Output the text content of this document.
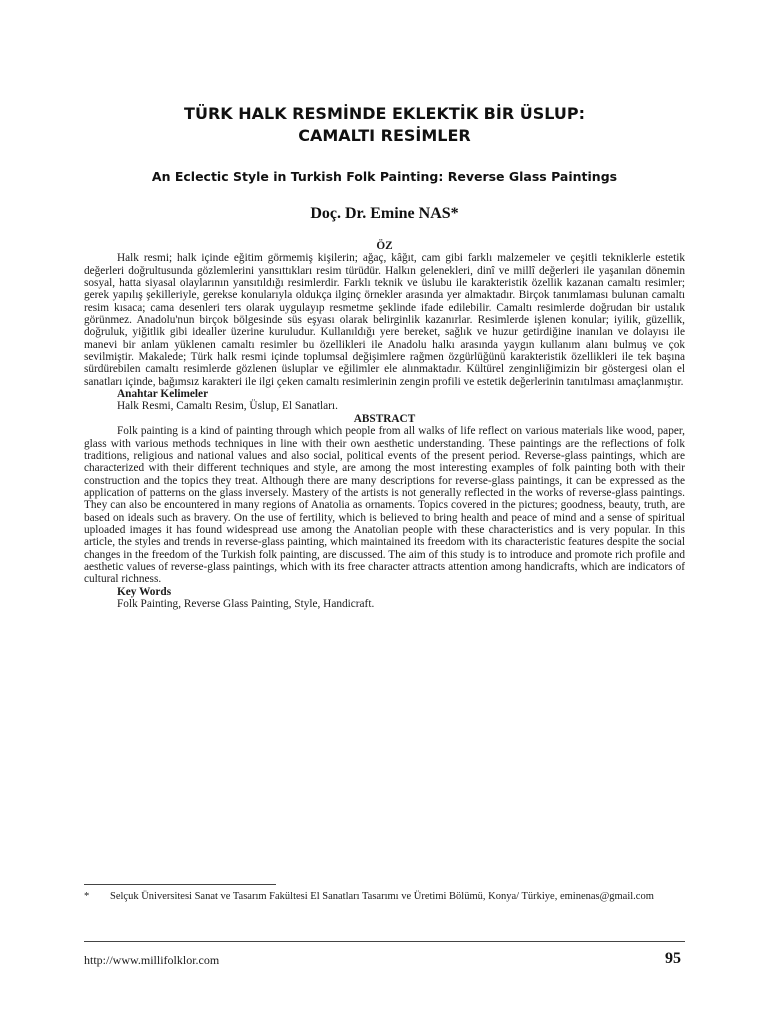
TÜRK HALK RESMİNDE EKLEKTİK BİR ÜSLUP:
CAMALTI RESİMLER
An Eclectic Style in Turkish Folk Painting: Reverse Glass Paintings
Doç. Dr. Emine NAS*
ÖZ

Halk resmi; halk içinde eğitim görmemiş kişilerin; ağaç, kâğıt, cam gibi farklı malzemeler ve çeşitli tekniklerle estetik değerleri doğrultusunda gözlemlerini yansıttıkları resim türüdür. Halkın gelenekleri, dinî ve millî değerleri ile yaşanılan dönemin sosyal, hatta siyasal olaylarının yansıtıldığı resimlerdir. Farklı teknik ve üslubu ile karakteristik özellik kazanan camaltı resimler; gerek yapılış şekilleriyle, gerekse konularıyla oldukça ilginç örnekler arasında yer almaktadır. Birçok tanımlaması bulunan camaltı resim kısaca; cama desenleri ters olarak uygulayıp resmetme şeklinde ifade edilebilir. Camaltı resimlerde doğrudan bir ustalık görünmez. Anadolu'nun birçok bölgesinde süs eşyası olarak belirginlik kazanırlar. Resimlerde işlenen konular; iyilik, güzellik, doğruluk, yiğitlik gibi idealler üzerine kuruludur. Kullanıldığı yere bereket, sağlık ve huzur getirdiğine inanılan ve dolayısı ile manevi bir anlam yüklenen camaltı resimler bu özellikleri ile Anadolu halkı arasında yaygın kullanım alanı bulmuş ve çok sevilmiştir. Makalede; Türk halk resmi içinde toplumsal değişimlere rağmen özgürlüğünü karakteristik özellikleri ile tek başına sürdürebilen camaltı resimlerde gözlenen üsluplar ve eğilimler ele alınmaktadır. Kültürel zenginliğimizin bir göstergesi olan el sanatları içinde, bağımsız karakteri ile ilgi çeken camaltı resimlerinin zengin profili ve estetik değerlerinin tanıtılması amaçlanmıştır.

Anahtar Kelimeler
Halk Resmi, Camaltı Resim, Üslup, El Sanatları.
ABSTRACT

Folk painting is a kind of painting through which people from all walks of life reflect on various materials like wood, paper, glass with various methods techniques in line with their own aesthetic understanding. These paintings are the reflections of folk traditions, religious and national values and also social, political events of the present period. Reverse-glass paintings, which are characterized with their different techniques and style, are among the most interesting examples of folk painting both with their construction and the topics they treat. Although there are many descriptions for reverse-glass paintings, it can be expressed as the application of patterns on the glass inversely. Mastery of the artists is not generally reflected in the works of reverse-glass paintings. They can also be encountered in many regions of Anatolia as ornaments. Topics covered in the pictures; goodness, beauty, truth, are based on ideals such as bravery. On the use of fertility, which is believed to bring health and peace of mind and a sense of spiritual uploaded images it has found widespread use among the Anatolian people with these characteristics and is very popular. In this article, the styles and trends in reverse-glass painting, which maintained its freedom with its characteristic features despite the social changes in the freedom of the Turkish folk painting, are discussed. The aim of this study is to introduce and promote rich profile and aesthetic values of reverse-glass paintings, which with its free character attracts attention among handicrafts, which are indicators of cultural richness.

Key Words
Folk Painting, Reverse Glass Painting, Style, Handicraft.
* Selçuk Üniversitesi Sanat ve Tasarım Fakültesi El Sanatları Tasarımı ve Üretimi Bölümü, Konya/ Türkiye, eminenas@gmail.com
http://www.millifolklor.com	95
